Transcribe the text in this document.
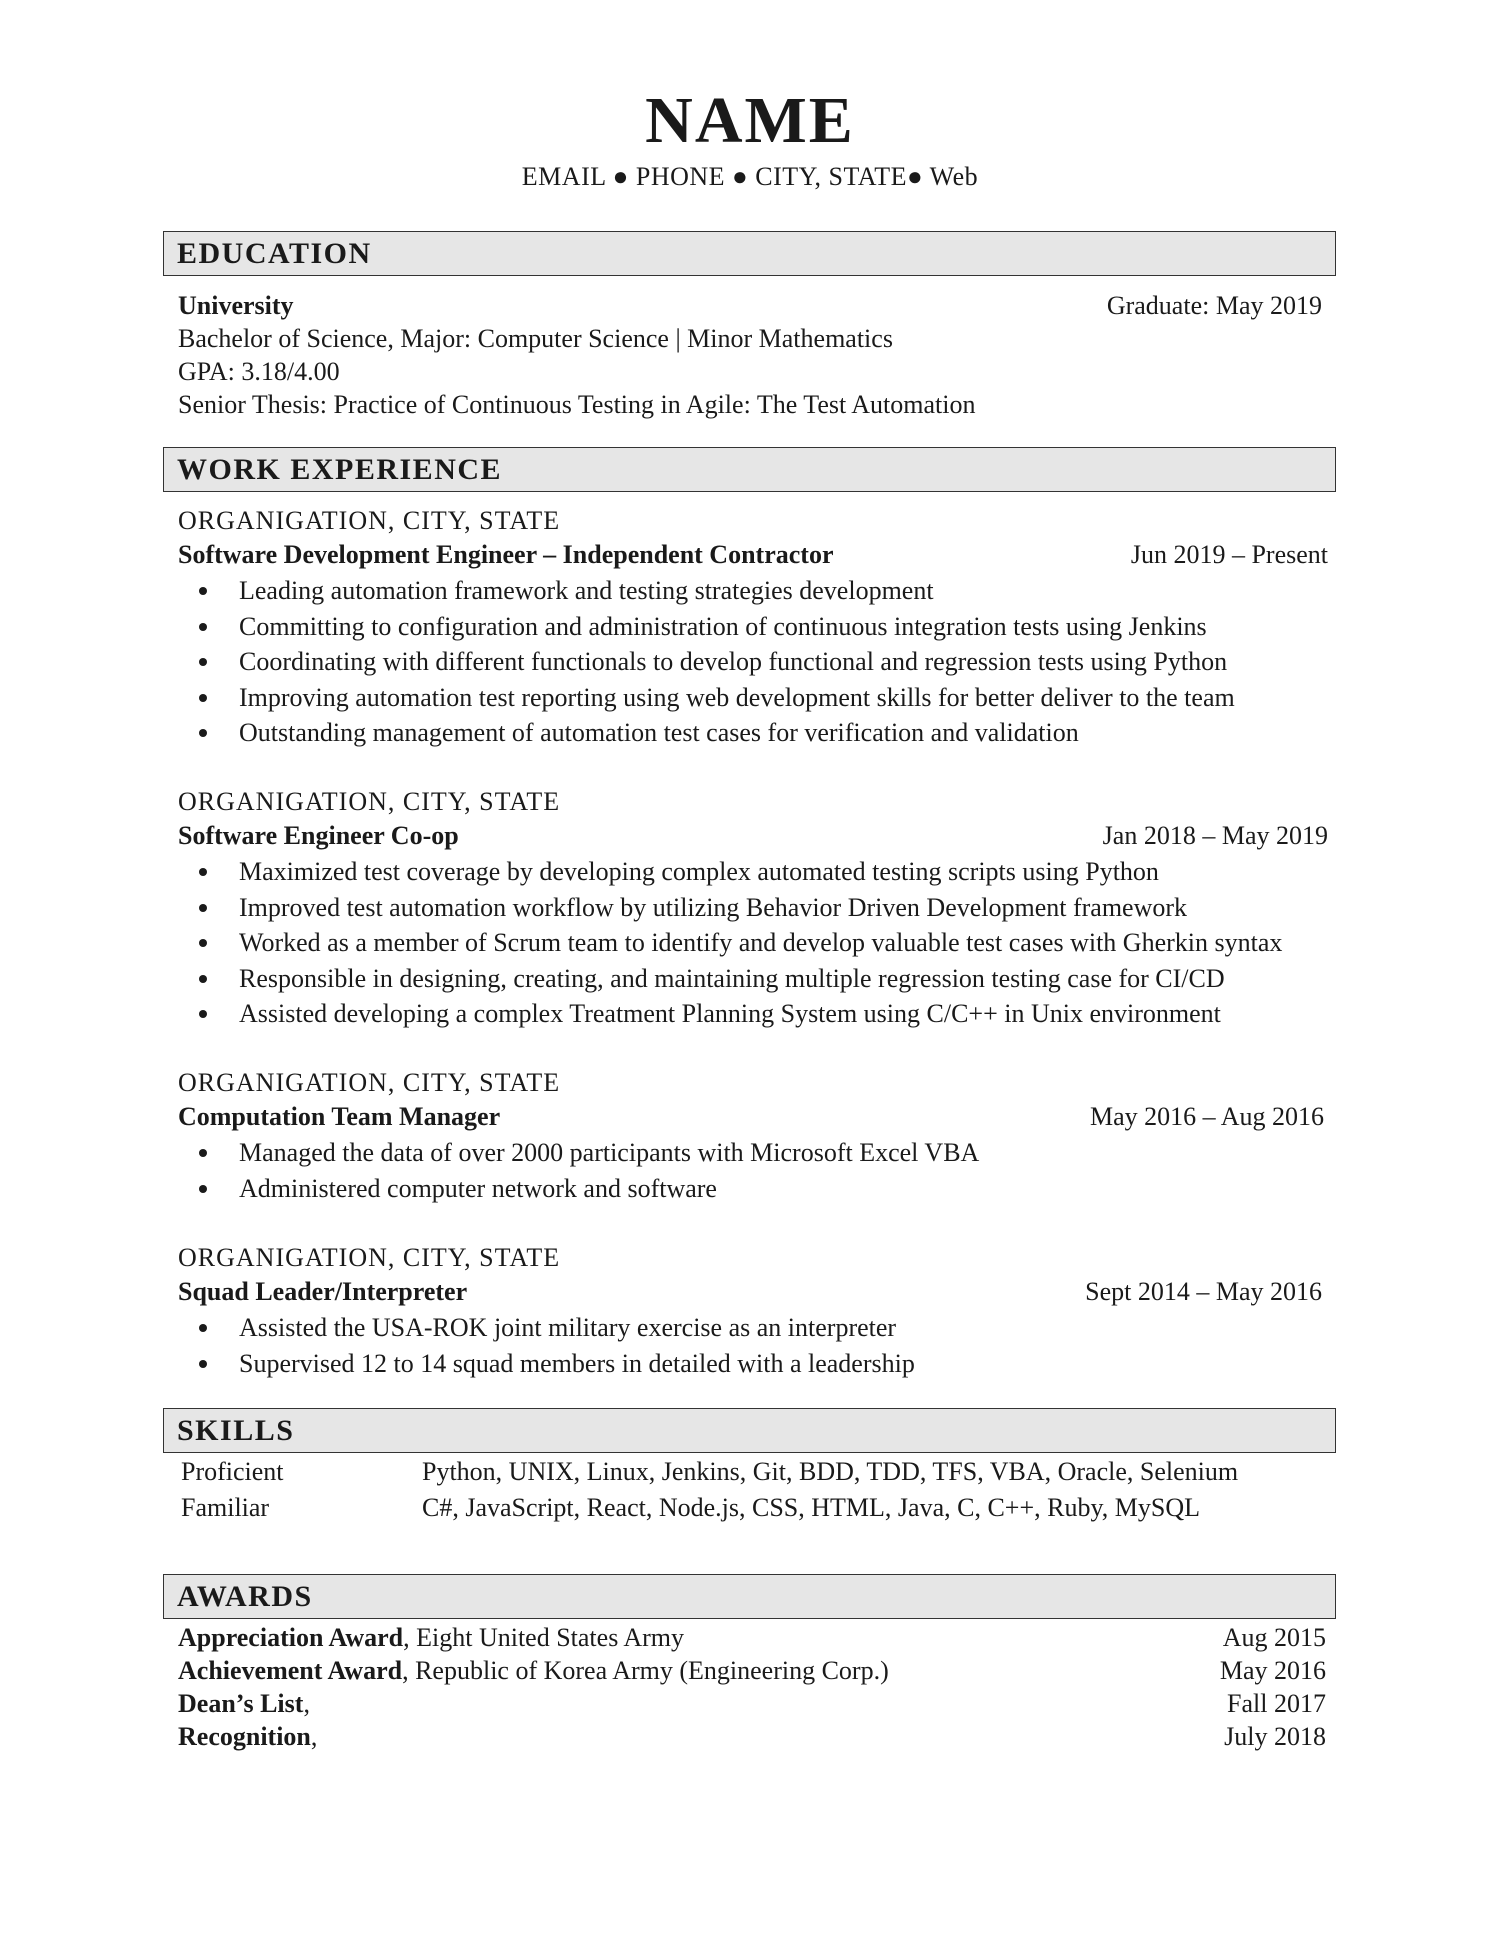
NAME
EMAIL ● PHONE ● CITY, STATE● Web
EDUCATION
University	Graduate: May 2019
Bachelor of Science, Major: Computer Science | Minor Mathematics
GPA: 3.18/4.00
Senior Thesis: Practice of Continuous Testing in Agile: The Test Automation
WORK EXPERIENCE
ORGANIGATION, CITY, STATE
Software Development Engineer – Independent Contractor	Jun 2019 – Present
Leading automation framework and testing strategies development
Committing to configuration and administration of continuous integration tests using Jenkins
Coordinating with different functionals to develop functional and regression tests using Python
Improving automation test reporting using web development skills for better deliver to the team
Outstanding management of automation test cases for verification and validation
ORGANIGATION, CITY, STATE
Software Engineer Co-op	Jan 2018 – May 2019
Maximized test coverage by developing complex automated testing scripts using Python
Improved test automation workflow by utilizing Behavior Driven Development framework
Worked as a member of Scrum team to identify and develop valuable test cases with Gherkin syntax
Responsible in designing, creating, and maintaining multiple regression testing case for CI/CD
Assisted developing a complex Treatment Planning System using C/C++ in Unix environment
ORGANIGATION, CITY, STATE
Computation Team Manager	May 2016 – Aug 2016
Managed the data of over 2000 participants with Microsoft Excel VBA
Administered computer network and software
ORGANIGATION, CITY, STATE
Squad Leader/Interpreter	Sept 2014 – May 2016
Assisted the USA-ROK joint military exercise as an interpreter
Supervised 12 to 14 squad members in detailed with a leadership
SKILLS
Proficient	Python, UNIX, Linux, Jenkins, Git, BDD, TDD, TFS, VBA, Oracle, Selenium
Familiar	C#, JavaScript, React, Node.js, CSS, HTML, Java, C, C++, Ruby, MySQL
AWARDS
Appreciation Award, Eight United States Army	Aug 2015
Achievement Award, Republic of Korea Army (Engineering Corp.)	May 2016
Dean’s List,	Fall 2017
Recognition,	July 2018
